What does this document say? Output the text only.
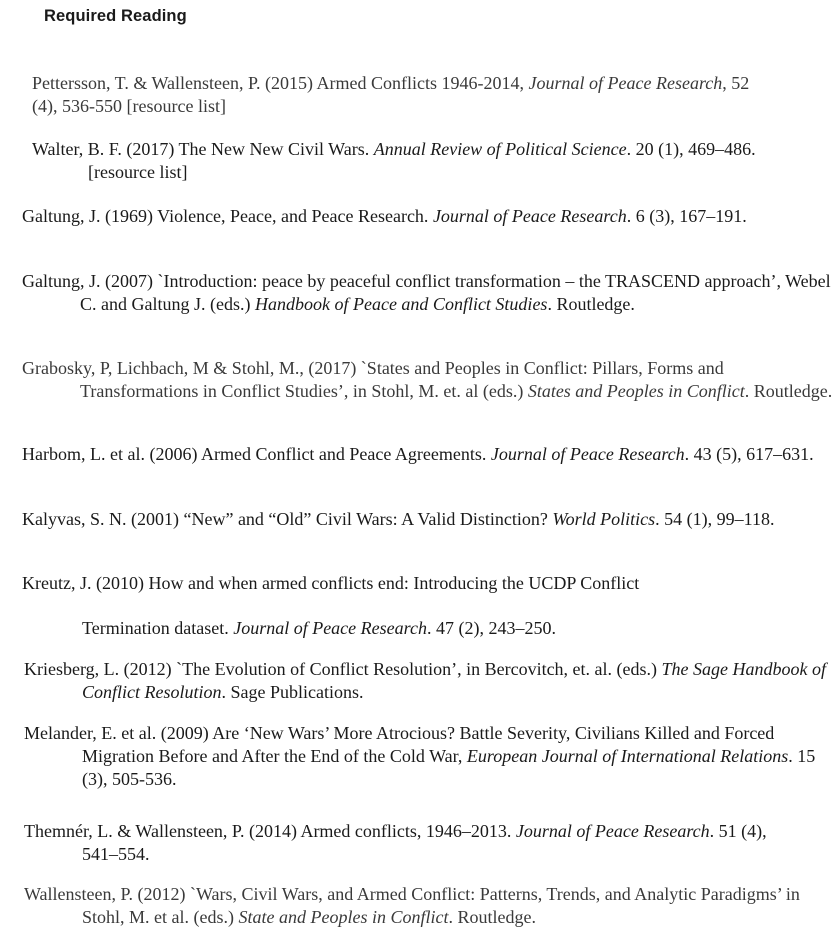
Required Reading

Pettersson, T. & Wallensteen, P. (2015) Armed Conflicts 1946-2014, Journal of Peace Research, 52 (4), 536-550 [resource list]

Walter, B. F. (2017) The New New Civil Wars. Annual Review of Political Science. 20 (1), 469–486. [resource list]

Galtung, J. (1969) Violence, Peace, and Peace Research. Journal of Peace Research. 6 (3), 167–191.

Galtung, J. (2007) `Introduction: peace by peaceful conflict transformation – the TRASCEND approach’, Webel C. and Galtung J. (eds.) Handbook of Peace and Conflict Studies. Routledge.

Grabosky, P, Lichbach, M & Stohl, M., (2017) `States and Peoples in Conflict: Pillars, Forms and Transformations in Conflict Studies’, in Stohl, M. et. al (eds.) States and Peoples in Conflict. Routledge.

Harbom, L. et al. (2006) Armed Conflict and Peace Agreements. Journal of Peace Research. 43 (5), 617–631.

Kalyvas, S. N. (2001) “New” and “Old” Civil Wars: A Valid Distinction? World Politics. 54 (1), 99–118.

Kreutz, J. (2010) How and when armed conflicts end: Introducing the UCDP Conflict

Termination dataset. Journal of Peace Research. 47 (2), 243–250.

Kriesberg, L. (2012) `The Evolution of Conflict Resolution’, in Bercovitch, et. al. (eds.) The Sage Handbook of Conflict Resolution. Sage Publications.

Melander, E. et al. (2009) Are ‘New Wars’ More Atrocious? Battle Severity, Civilians Killed and Forced Migration Before and After the End of the Cold War, European Journal of International Relations. 15 (3), 505-536.

Themnér, L. & Wallensteen, P. (2014) Armed conflicts, 1946–2013. Journal of Peace Research. 51 (4), 541–554.

Wallensteen, P. (2012) `Wars, Civil Wars, and Armed Conflict: Patterns, Trends, and Analytic Paradigms’ in Stohl, M. et al. (eds.) State and Peoples in Conflict. Routledge.
